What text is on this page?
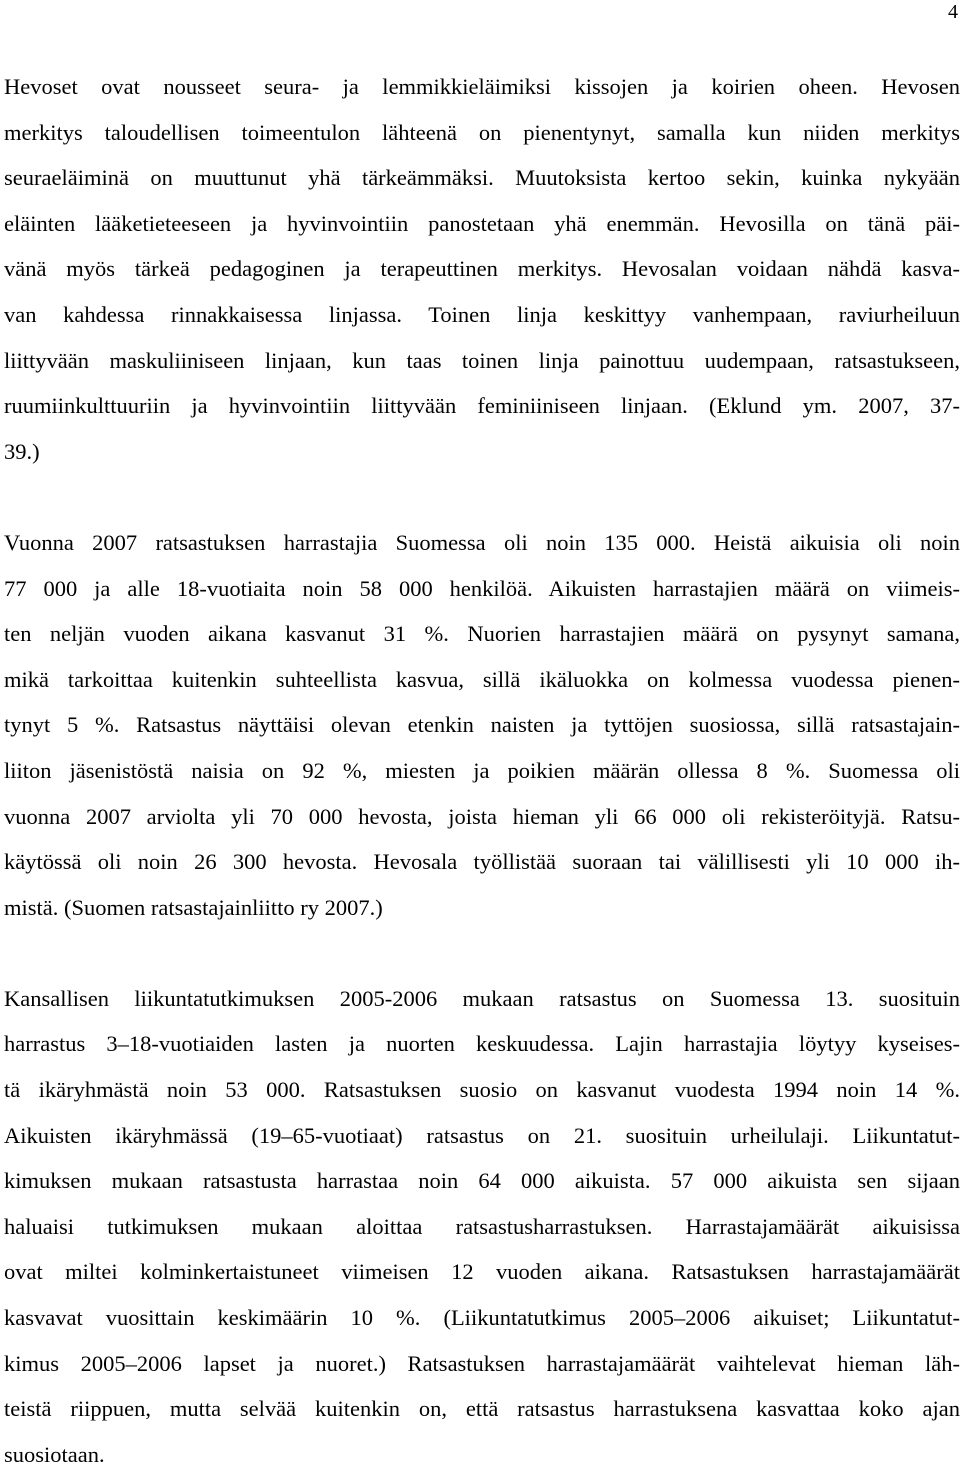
4
Hevoset ovat nousseet seura- ja lemmikkieläimiksi kissojen ja koirien oheen. Hevosen
merkitys taloudellisen toimeentulon lähteenä on pienentynyt, samalla kun niiden merkitys
seuraeläiminä on muuttunut yhä tärkeämmäksi. Muutoksista kertoo sekin, kuinka nykyään
eläinten lääketieteeseen ja hyvinvointiin panostetaan yhä enemmän. Hevosilla on tänä päi-
vänä myös tärkeä pedagoginen ja terapeuttinen merkitys. Hevosalan voidaan nähdä kasva-
van kahdessa rinnakkaisessa linjassa. Toinen linja keskittyy vanhempaan, raviurheiluun
liittyvään maskuliiniseen linjaan, kun taas toinen linja painottuu uudempaan, ratsastukseen,
ruumiinkulttuuriin ja hyvinvointiin liittyvään feminiiniseen linjaan. (Eklund ym. 2007, 37-
39.)
Vuonna 2007 ratsastuksen harrastajia Suomessa oli noin 135 000. Heistä aikuisia oli noin
77 000 ja alle 18-vuotiaita noin 58 000 henkilöä. Aikuisten harrastajien määrä on viimeis-
ten neljän vuoden aikana kasvanut 31 %. Nuorien harrastajien määrä on pysynyt samana,
mikä tarkoittaa kuitenkin suhteellista kasvua, sillä ikäluokka on kolmessa vuodessa pienen-
tynyt 5 %. Ratsastus näyttäisi olevan etenkin naisten ja tyttöjen suosiossa, sillä ratsastajain-
liiton jäsenistöstä naisia on 92 %, miesten ja poikien määrän ollessa 8 %. Suomessa oli
vuonna 2007 arviolta yli 70 000 hevosta, joista hieman yli 66 000 oli rekisteröityjä. Ratsu-
käytössä oli noin 26 300 hevosta. Hevosala työllistää suoraan tai välillisesti yli 10 000 ih-
mistä. (Suomen ratsastajainliitto ry 2007.)
Kansallisen liikuntatutkimuksen 2005-2006 mukaan ratsastus on Suomessa 13. suosituin
harrastus 3–18-vuotiaiden lasten ja nuorten keskuudessa. Lajin harrastajia löytyy kyseises-
tä ikäryhmästä noin 53 000. Ratsastuksen suosio on kasvanut vuodesta 1994 noin 14 %.
Aikuisten ikäryhmässä (19–65-vuotiaat) ratsastus on 21. suosituin urheilulaji. Liikuntatut-
kimuksen mukaan ratsastusta harrastaa noin 64 000 aikuista. 57 000 aikuista sen sijaan
haluaisi tutkimuksen mukaan aloittaa ratsastusharrastuksen. Harrastajamäärät aikuisissa
ovat miltei kolminkertaistuneet viimeisen 12 vuoden aikana. Ratsastuksen harrastajamäärät
kasvavat vuosittain keskimäärin 10 %. (Liikuntatutkimus 2005–2006 aikuiset; Liikuntatut-
kimus 2005–2006 lapset ja nuoret.) Ratsastuksen harrastajamäärät vaihtelevat hieman läh-
teistä riippuen, mutta selvää kuitenkin on, että ratsastus harrastuksena kasvattaa koko ajan
suosiotaan.
